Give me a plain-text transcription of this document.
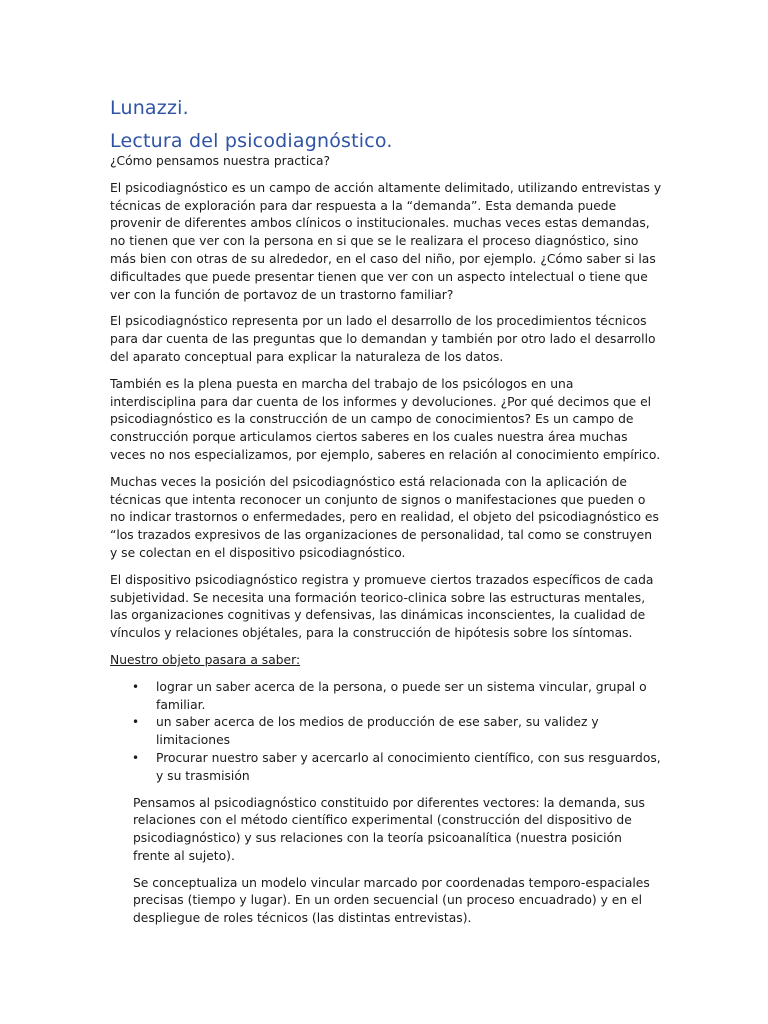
Lunazzi.
Lectura del psicodiagnóstico.

¿Cómo pensamos nuestra practica?

El psicodiagnóstico es un campo de acción altamente delimitado, utilizando entrevistas y técnicas de exploración para dar respuesta a la “demanda”. Esta demanda puede provenir de diferentes ambos clínicos o institucionales. muchas veces estas demandas, no tienen que ver con la persona en si que se le realizara el proceso diagnóstico, sino más bien con otras de su alrededor, en el caso del niño, por ejemplo. ¿Cómo saber si las dificultades que puede presentar tienen que ver con un aspecto intelectual o tiene que ver con la función de portavoz de un trastorno familiar?

El psicodiagnóstico representa por un lado el desarrollo de los procedimientos técnicos para dar cuenta de las preguntas que lo demandan y también por otro lado el desarrollo del aparato conceptual para explicar la naturaleza de los datos.

También es la plena puesta en marcha del trabajo de los psicólogos en una interdisciplina para dar cuenta de los informes y devoluciones. ¿Por qué decimos que el psicodiagnóstico es la construcción de un campo de conocimientos? Es un campo de construcción porque articulamos ciertos saberes en los cuales nuestra área muchas veces no nos especializamos, por ejemplo, saberes en relación al conocimiento empírico.

Muchas veces la posición del psicodiagnóstico está relacionada con la aplicación de técnicas que intenta reconocer un conjunto de signos o manifestaciones que pueden o no indicar trastornos o enfermedades, pero en realidad, el objeto del psicodiagnóstico es “los trazados expresivos de las organizaciones de personalidad, tal como se construyen y se colectan en el dispositivo psicodiagnóstico.

El dispositivo psicodiagnóstico registra y promueve ciertos trazados específicos de cada subjetividad. Se necesita una formación teorico-clinica sobre las estructuras mentales, las organizaciones cognitivas y defensivas, las dinámicas inconscientes, la cualidad de vínculos y relaciones objétales, para la construcción de hipótesis sobre los síntomas.

Nuestro objeto pasara a saber:

• lograr un saber acerca de la persona, o puede ser un sistema vincular, grupal o familiar.
• un saber acerca de los medios de producción de ese saber, su validez y limitaciones
• Procurar nuestro saber y acercarlo al conocimiento científico, con sus resguardos, y su trasmisión

Pensamos al psicodiagnóstico constituido por diferentes vectores: la demanda, sus relaciones con el método científico experimental (construcción del dispositivo de psicodiagnóstico) y sus relaciones con la teoría psicoanalítica (nuestra posición frente al sujeto).

Se conceptualiza un modelo vincular marcado por coordenadas temporo-espaciales precisas (tiempo y lugar). En un orden secuencial (un proceso encuadrado) y en el despliegue de roles técnicos (las distintas entrevistas).
